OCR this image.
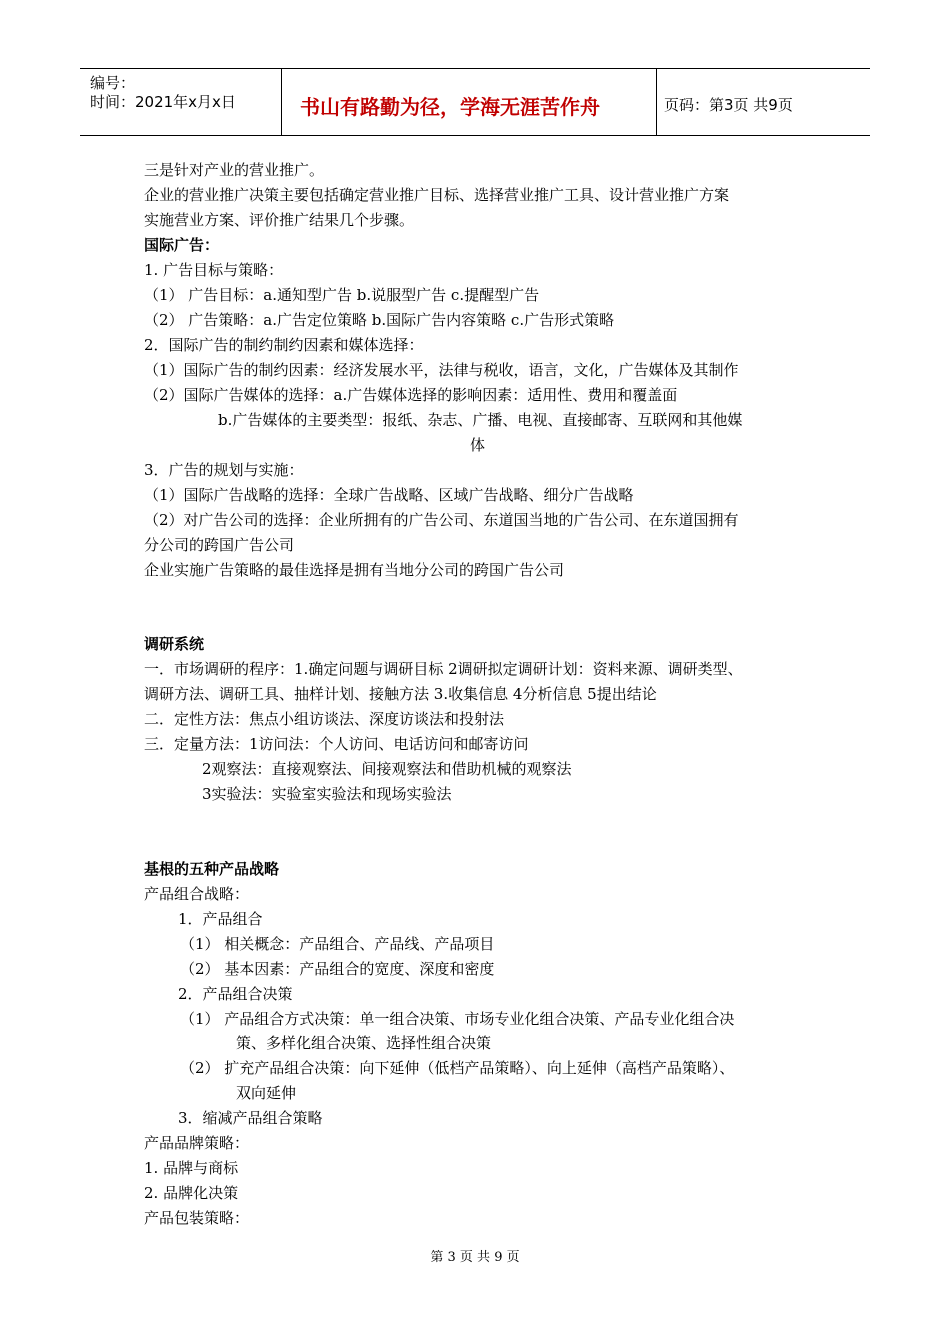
编号：
时间：2021年x月x日	书山有路勤为径，学海无涯苦作舟	页码：第3页 共9页
三是针对产业的营业推广。
企业的营业推广决策主要包括确定营业推广目标、选择营业推广工具、设计营业推广方案
实施营业方案、评价推广结果几个步骤。
国际广告：
1. 广告目标与策略：
（1） 广告目标：a.通知型广告 b.说服型广告 c.提醒型广告
（2） 广告策略：a.广告定位策略 b.国际广告内容策略 c.广告形式策略
2．国际广告的制约制约因素和媒体选择：
（1）国际广告的制约因素：经济发展水平，法律与税收，语言，文化，广告媒体及其制作
（2）国际广告媒体的选择：a.广告媒体选择的影响因素：适用性、费用和覆盖面
b.广告媒体的主要类型：报纸、杂志、广播、电视、直接邮寄、互联网和其他媒
体
3．广告的规划与实施：
（1）国际广告战略的选择：全球广告战略、区域广告战略、细分广告战略
（2）对广告公司的选择：企业所拥有的广告公司、东道国当地的广告公司、在东道国拥有
分公司的跨国广告公司
企业实施广告策略的最佳选择是拥有当地分公司的跨国广告公司
调研系统
一．市场调研的程序：1.确定问题与调研目标 2调研拟定调研计划：资料来源、调研类型、
调研方法、调研工具、抽样计划、接触方法 3.收集信息 4分析信息 5提出结论
二．定性方法：焦点小组访谈法、深度访谈法和投射法
三．定量方法：1访问法：个人访问、电话访问和邮寄访问
2观察法：直接观察法、间接观察法和借助机械的观察法
3实验法：实验室实验法和现场实验法
基根的五种产品战略
产品组合战略：
1．产品组合
（1） 相关概念：产品组合、产品线、产品项目
（2） 基本因素：产品组合的宽度、深度和密度
2．产品组合决策
（1） 产品组合方式决策：单一组合决策、市场专业化组合决策、产品专业化组合决
策、多样化组合决策、选择性组合决策
（2） 扩充产品组合决策：向下延伸（低档产品策略）、向上延伸（高档产品策略）、
双向延伸
3．缩减产品组合策略
产品品牌策略：
1. 品牌与商标
2. 品牌化决策
产品包装策略：
第 3 页 共 9 页
